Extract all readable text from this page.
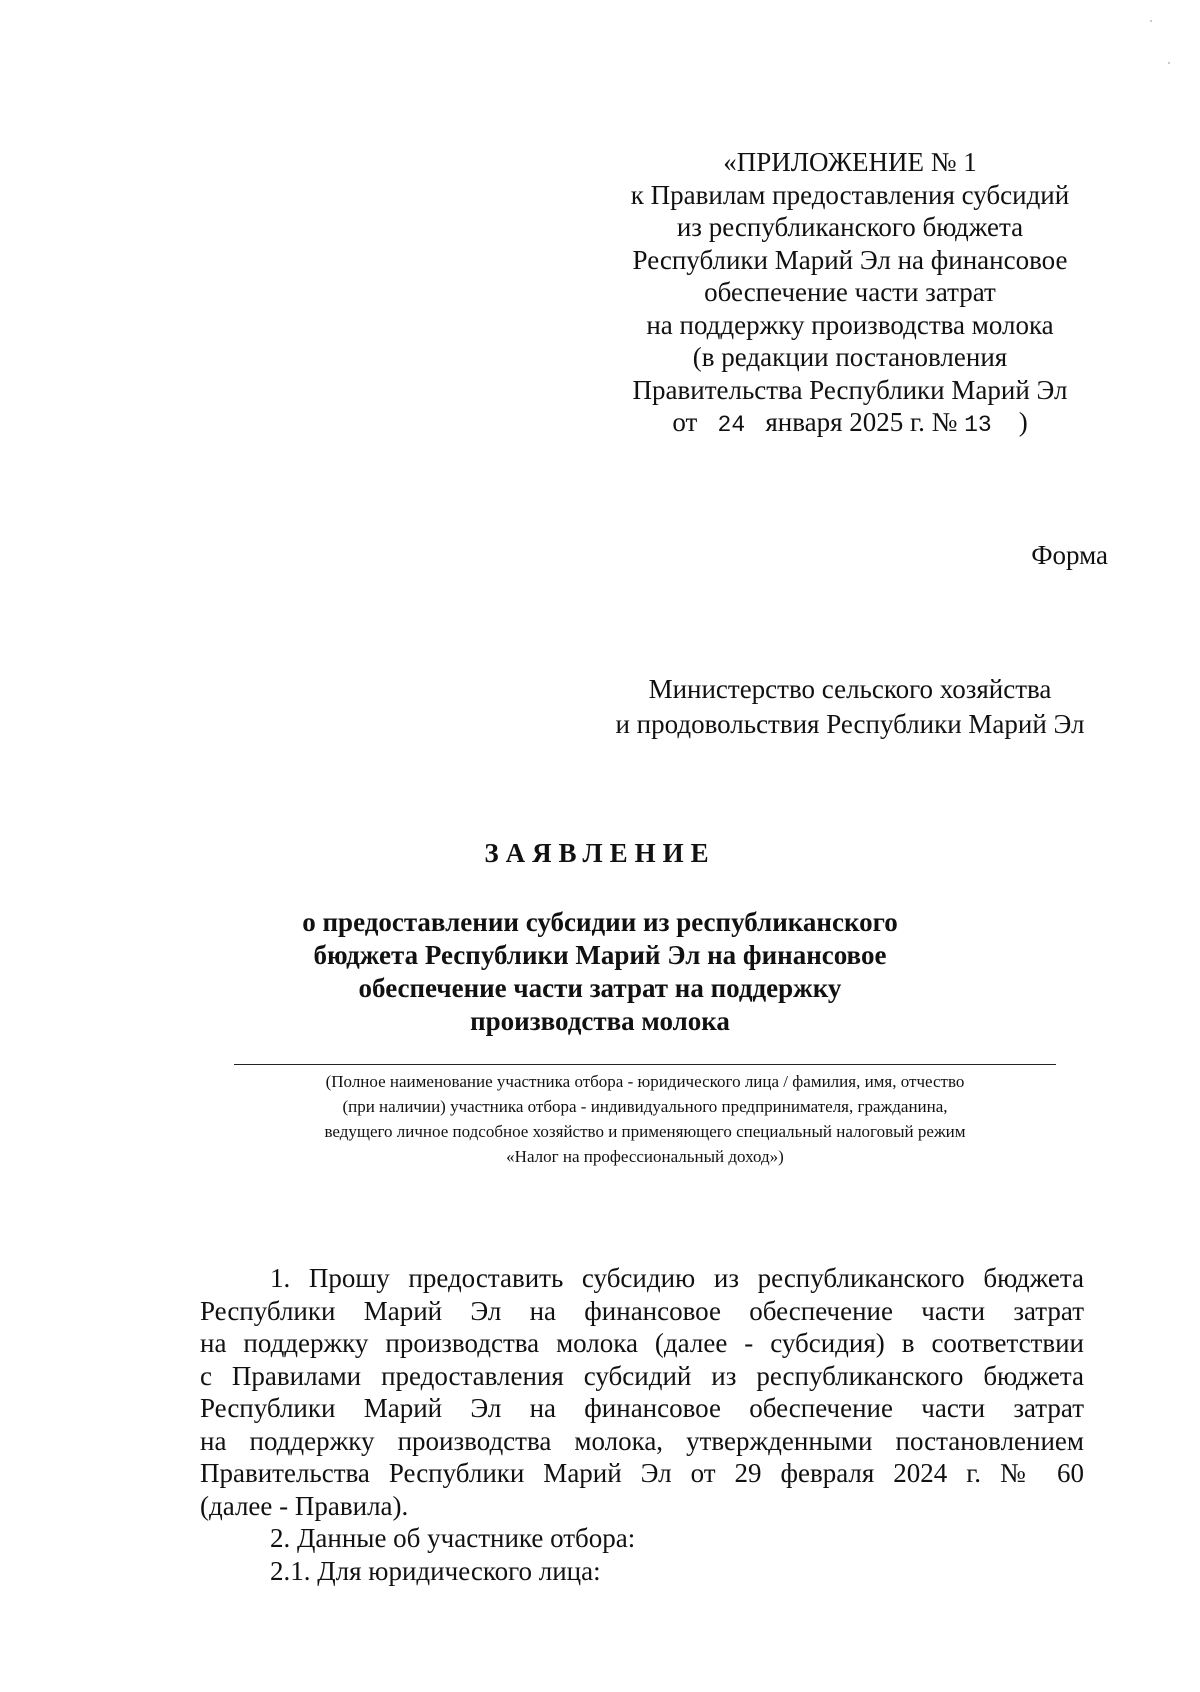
«ПРИЛОЖЕНИЕ № 1
к Правилам предоставления субсидий
из республиканского бюджета
Республики Марий Эл на финансовое
обеспечение части затрат
на поддержку производства молока
(в редакции постановления
Правительства Республики Марий Эл
от 24 января 2025 г. № 13 )
Форма
Министерство сельского хозяйства
и продовольствия Республики Марий Эл
ЗАЯВЛЕНИЕ
о предоставлении субсидии из республиканского
бюджета Республики Марий Эл на финансовое
обеспечение части затрат на поддержку
производства молока
(Полное наименование участника отбора - юридического лица / фамилия, имя, отчество
(при наличии) участника отбора - индивидуального предпринимателя, гражданина,
ведущего личное подсобное хозяйство и применяющего специальный налоговый режим
«Налог на профессиональный доход»)
1. Прошу предоставить субсидию из республиканского бюджета
Республики Марий Эл на финансовое обеспечение части затрат
на поддержку производства молока (далее - субсидия) в соответствии
с Правилами предоставления субсидий из республиканского бюджета
Республики Марий Эл на финансовое обеспечение части затрат
на поддержку производства молока, утвержденными постановлением
Правительства Республики Марий Эл от 29 февраля 2024 г. № 60
(далее - Правила).
2. Данные об участнике отбора:
2.1. Для юридического лица:
